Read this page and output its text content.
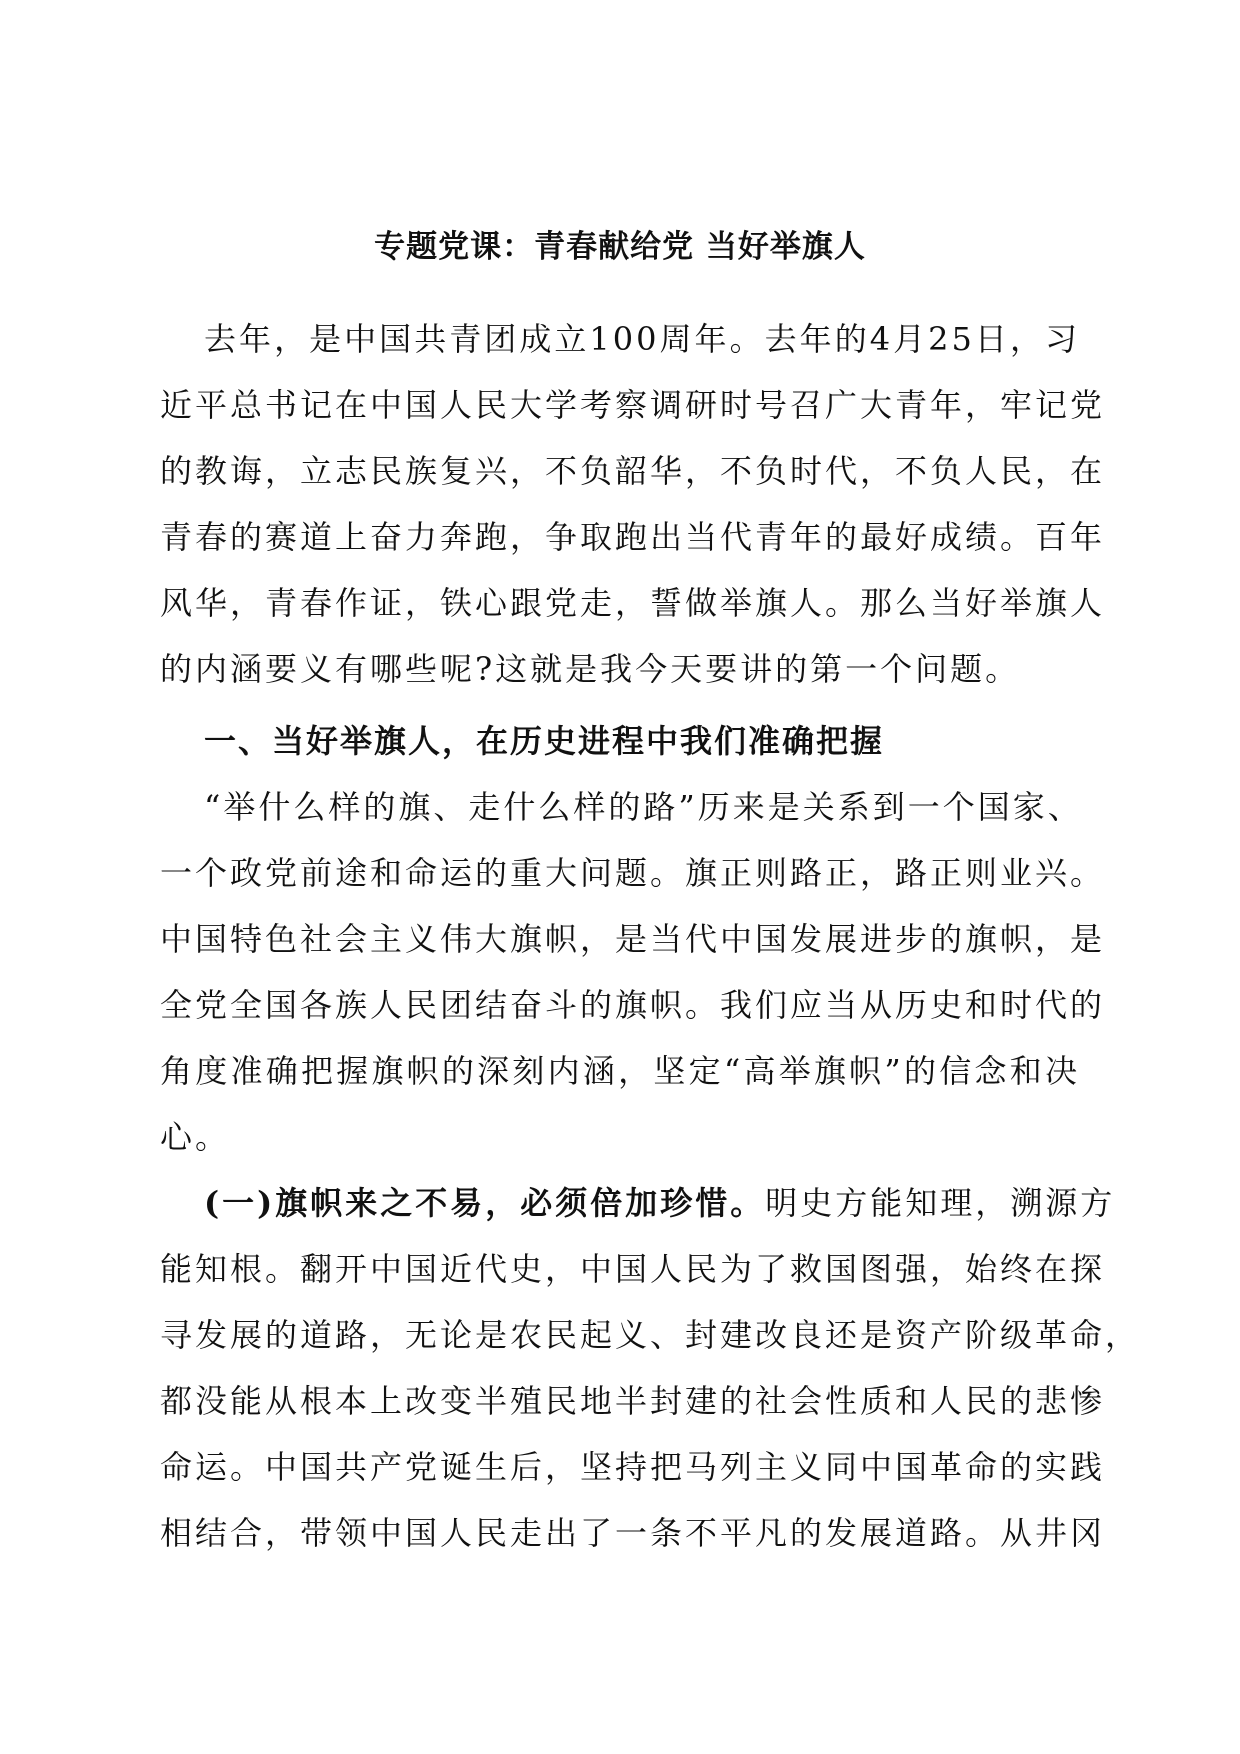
专题党课：青春献给党 当好举旗人
去年，是中国共青团成立100周年。去年的4月25日，习
近平总书记在中国人民大学考察调研时号召广大青年，牢记党
的教诲，立志民族复兴，不负韶华，不负时代，不负人民，在
青春的赛道上奋力奔跑，争取跑出当代青年的最好成绩。百年
风华，青春作证，铁心跟党走，誓做举旗人。那么当好举旗人
的内涵要义有哪些呢?这就是我今天要讲的第一个问题。
一、当好举旗人，在历史进程中我们准确把握
“举什么样的旗、走什么样的路”历来是关系到一个国家、
一个政党前途和命运的重大问题。旗正则路正，路正则业兴。
中国特色社会主义伟大旗帜，是当代中国发展进步的旗帜，是
全党全国各族人民团结奋斗的旗帜。我们应当从历史和时代的
角度准确把握旗帜的深刻内涵，坚定“高举旗帜”的信念和决
心。
(一)旗帜来之不易，必须倍加珍惜。明史方能知理，溯源方
能知根。翻开中国近代史，中国人民为了救国图强，始终在探
寻发展的道路，无论是农民起义、封建改良还是资产阶级革命，
都没能从根本上改变半殖民地半封建的社会性质和人民的悲惨
命运。中国共产党诞生后，坚持把马列主义同中国革命的实践
相结合，带领中国人民走出了一条不平凡的发展道路。从井冈
